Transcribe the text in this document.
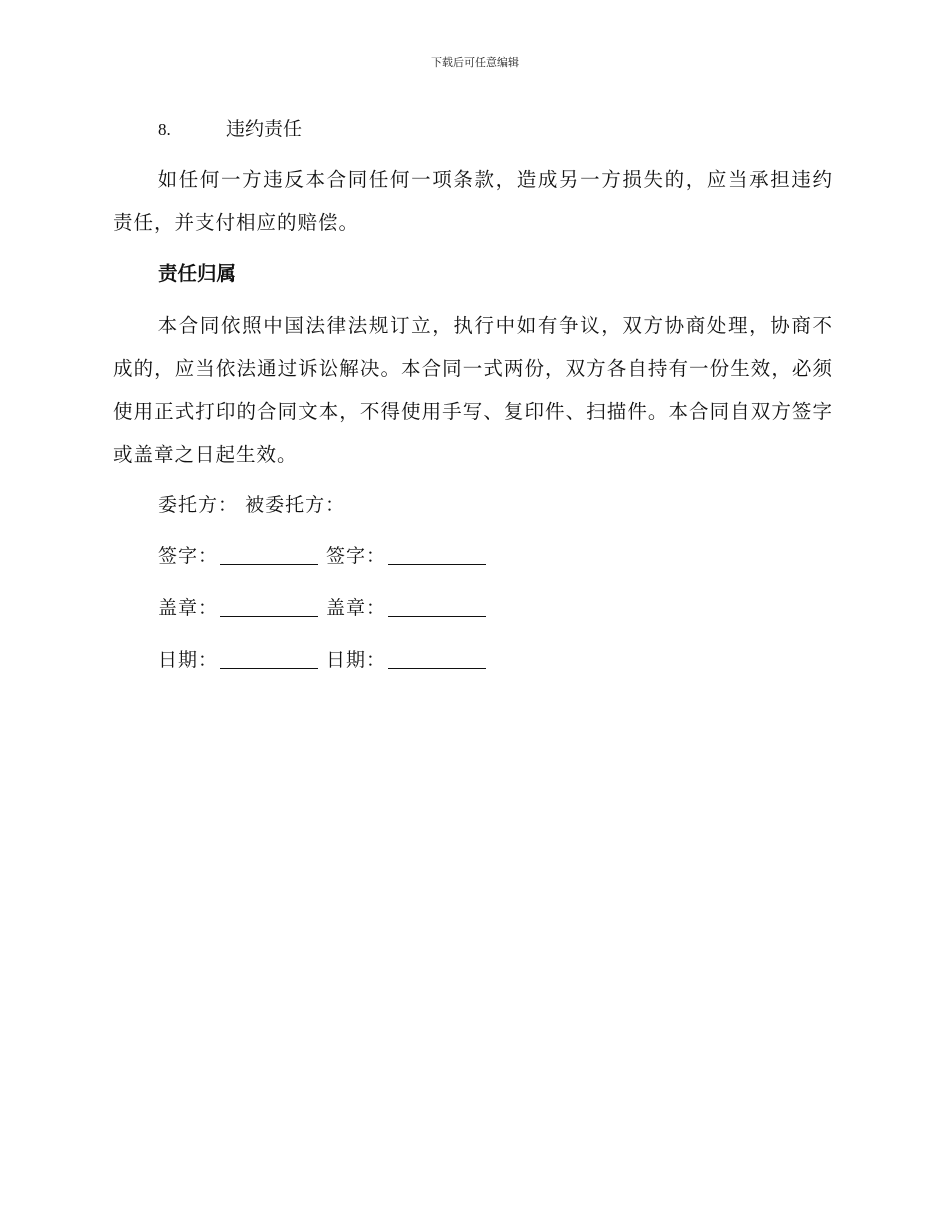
下载后可任意编辑
8.	违约责任
如任何一方违反本合同任何一项条款，造成另一方损失的，应当承担违约责任，并支付相应的赔偿。
责任归属
本合同依照中国法律法规订立，执行中如有争议，双方协商处理，协商不成的，应当依法通过诉讼解决。本合同一式两份，双方各自持有一份生效，必须使用正式打印的合同文本，不得使用手写、复印件、扫描件。本合同自双方签字或盖章之日起生效。
委托方： 被委托方：
签字：	签字：
盖章：	盖章：
日期：	日期：
